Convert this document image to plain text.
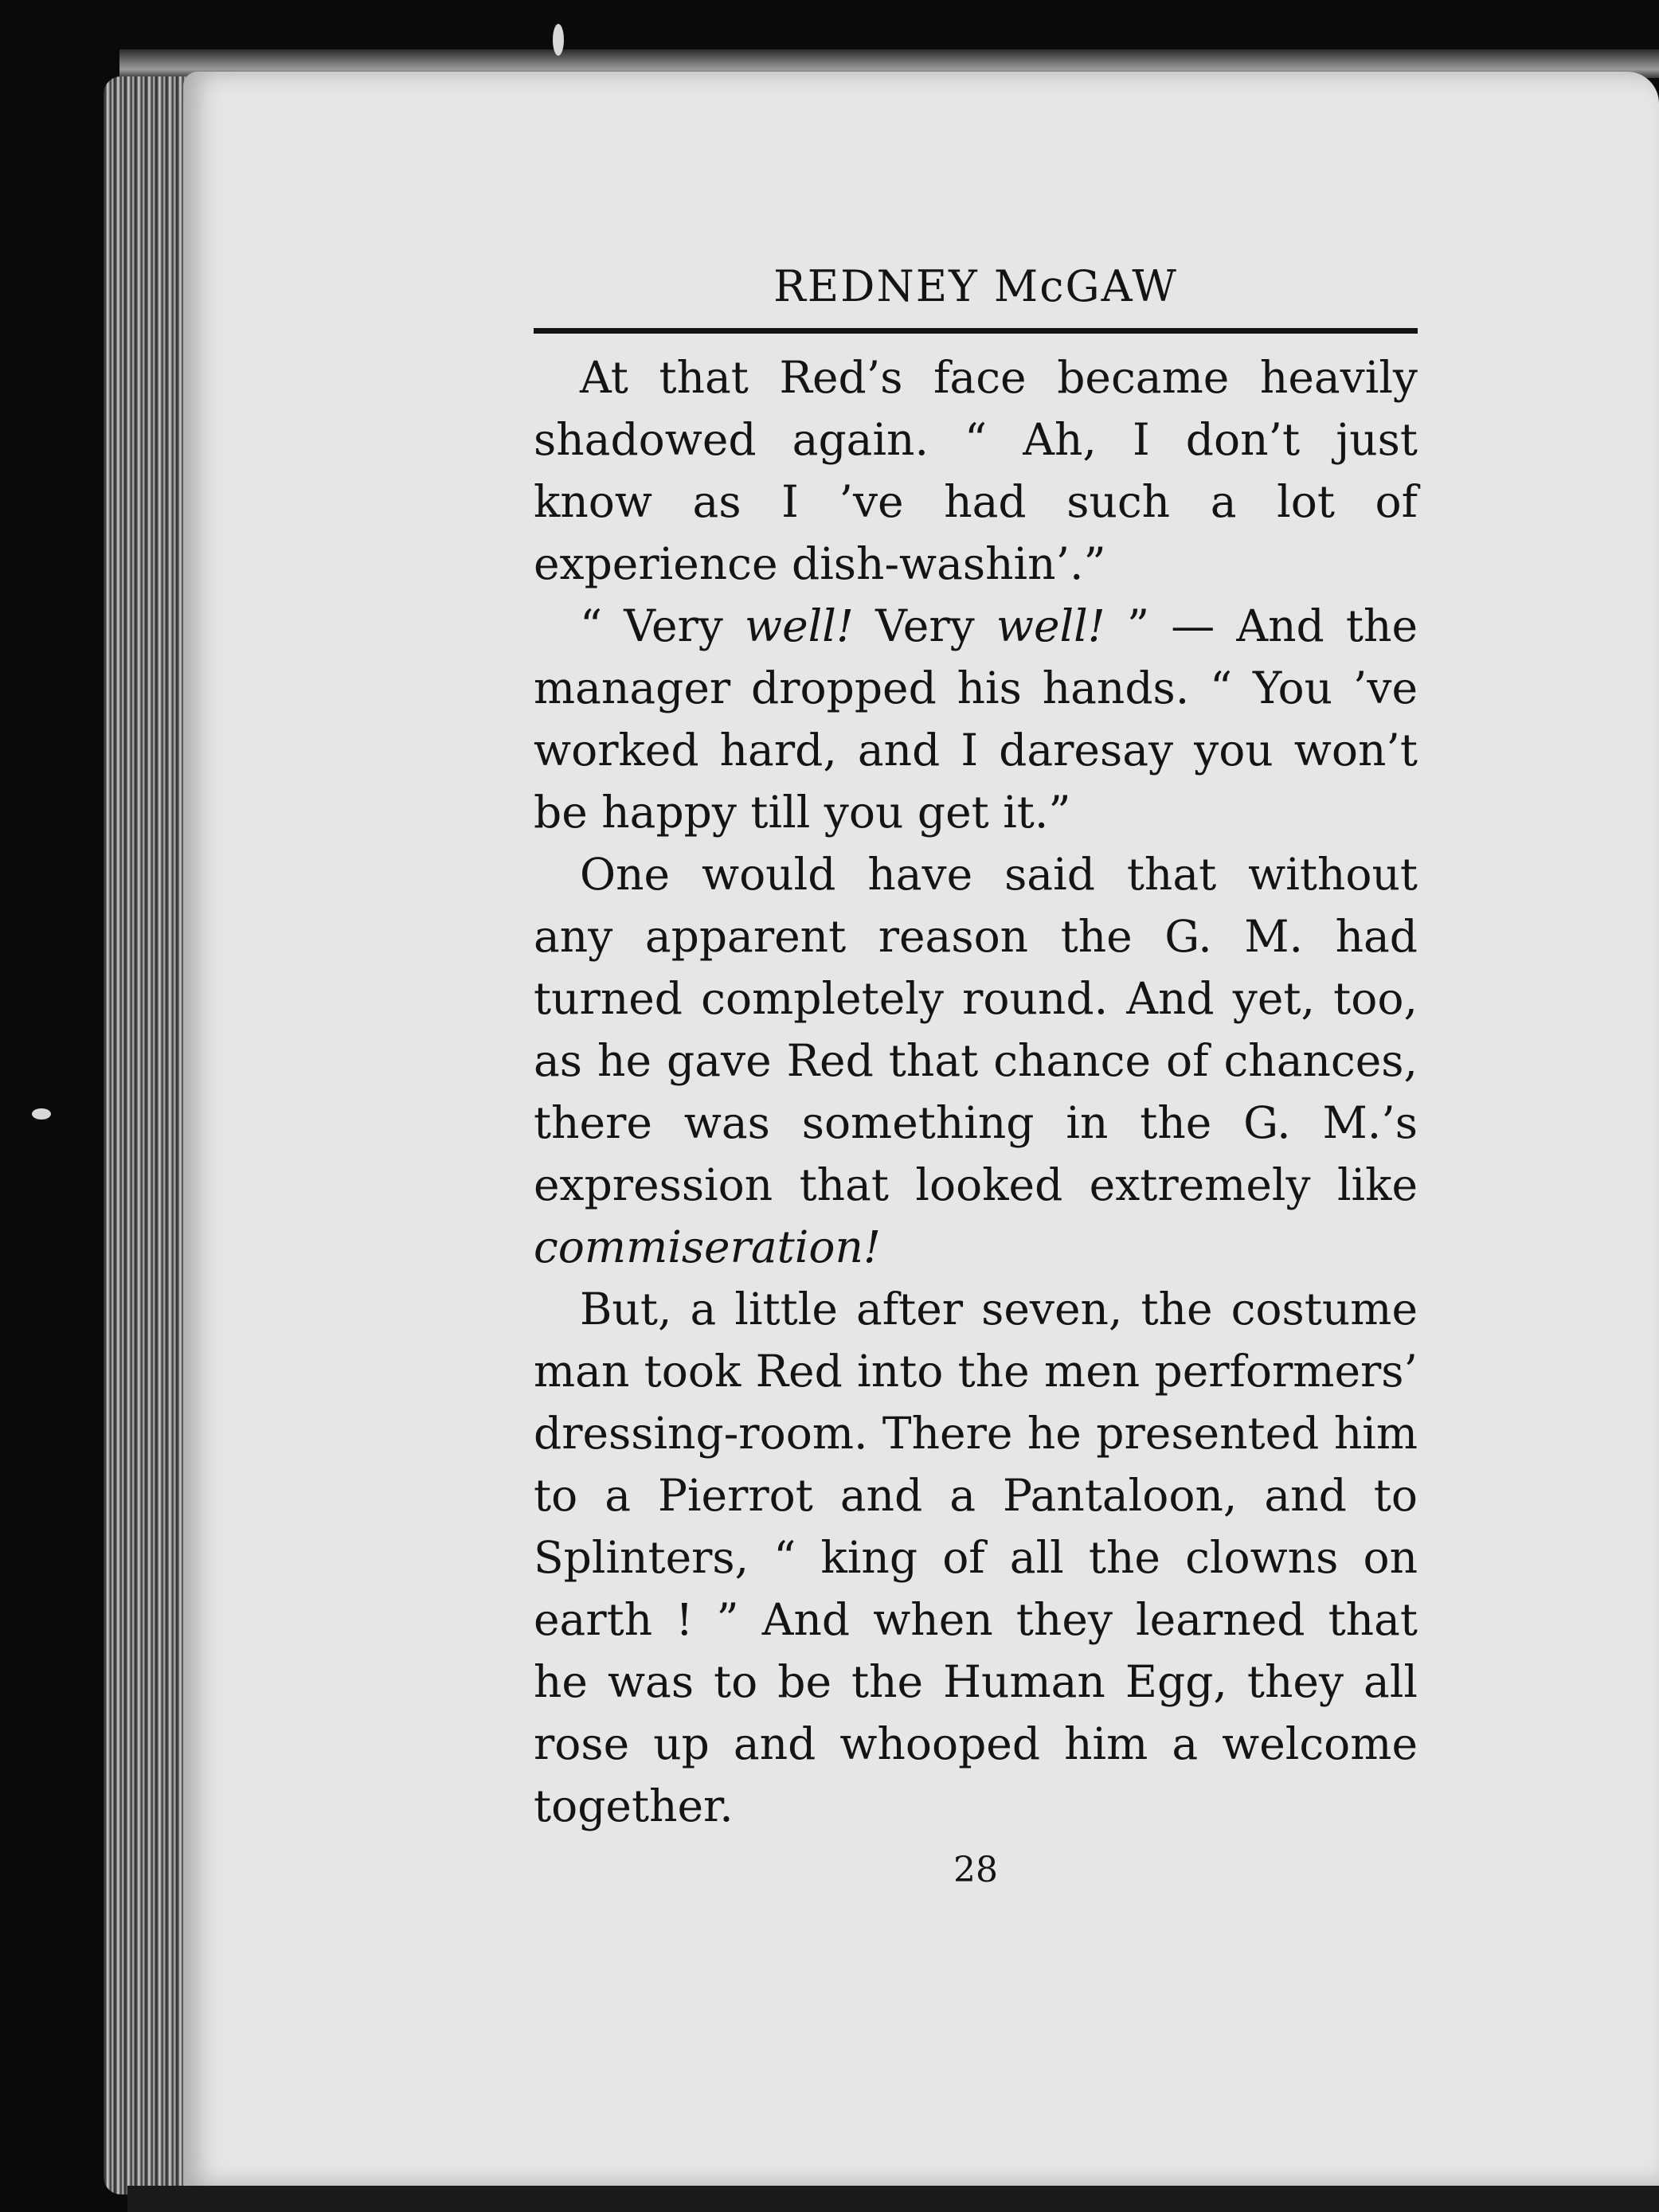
REDNEY McGAW

At that Red’s face became heavily shadowed again. “ Ah, I don’t just know as I ’ve had such a lot of experience dish-washin’.”

“ Very well! Very well! ” — And the manager dropped his hands. “ You ’ve worked hard, and I daresay you won’t be happy till you get it.”

One would have said that without any apparent reason the G. M. had turned completely round. And yet, too, as he gave Red that chance of chances, there was something in the G. M.’s expression that looked extremely like commiseration!

But, a little after seven, the costume man took Red into the men performers’ dressing-room. There he presented him to a Pierrot and a Pantaloon, and to Splinters, “ king of all the clowns on earth ! ” And when they learned that he was to be the Human Egg, they all rose up and whooped him a welcome together.

28
